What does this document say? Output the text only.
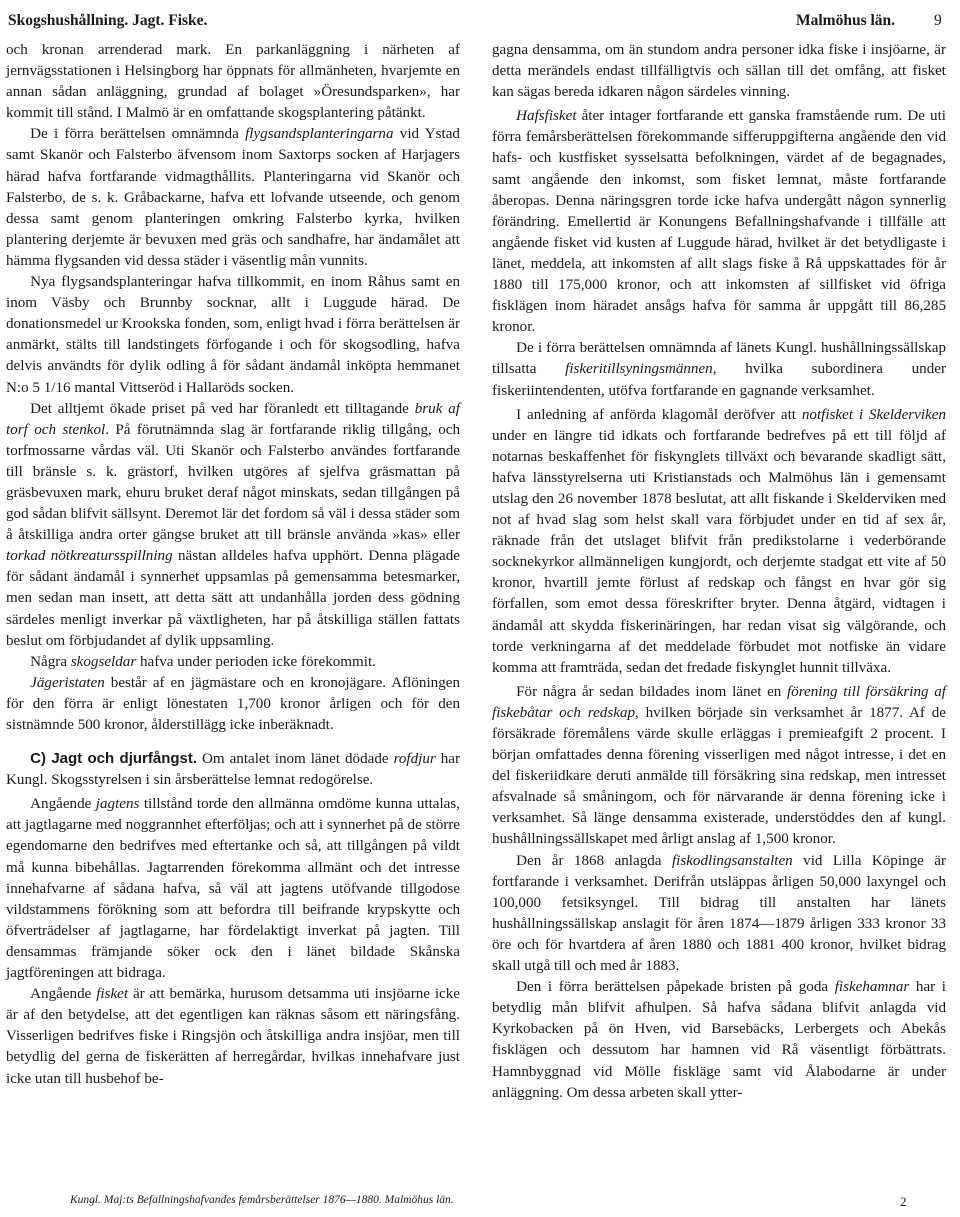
Skogshushållning. Jagt. Fiske.	Malmöhus län.	9

och kronan arrenderad mark. En parkanläggning i närheten af jernvägsstationen i Helsingborg har öppnats för allmänheten, hvarjemte en annan sådan anläggning, grundad af bolaget »Öresundsparken», har kommit till stånd. I Malmö är en omfattande skogsplantering påtänkt.

De i förra berättelsen omnämnda flygsandsplanteringarna vid Ystad samt Skanör och Falsterbo äfvensom inom Saxtorps socken af Harjagers härad hafva fortfarande vidmagthållits. Planteringarna vid Skanör och Falsterbo, de s. k. Gråbackarne, hafva ett lofvande utseende, och genom dessa samt genom planteringen omkring Falsterbo kyrka, hvilken plantering derjemte är bevuxen med gräs och sandhafre, har ändamålet att hämma flygsanden vid dessa städer i väsentlig mån vunnits.

Nya flygsandsplanteringar hafva tillkommit, en inom Råhus samt en inom Väsby och Brunnby socknar, allt i Luggude härad. De donationsmedel ur Krookska fonden, som, enligt hvad i förra berättelsen är anmärkt, stälts till landstingets förfogande i och för skogsodling, hafva delvis användts för dylik odling å för sådant ändamål inköpta hemmanet N:o 5 1/16 mantal Vittseröd i Hallaröds socken.

Det alltjemt ökade priset på ved har föranledt ett tilltagande bruk af torf och stenkol. På förutnämnda slag är fortfarande riklig tillgång, och torfmossarne vårdas väl. Uti Skanör och Falsterbo användes fortfarande till bränsle s. k. grästorf, hvilken utgöres af sjelfva gräsmattan på gräsbevuxen mark, ehuru bruket deraf något minskats, sedan tillgången på god sådan blifvit sällsynt. Deremot lär det fordom så väl i dessa städer som å åtskilliga andra orter gängse bruket att till bränsle använda »kas» eller torkad nötkreatursspillning nästan alldeles hafva upphört. Denna plägade för sådant ändamål i synnerhet uppsamlas på gemensamma betesmarker, men sedan man insett, att detta sätt att undanhålla jorden dess gödning särdeles menligt inverkar på växtligheten, har på åtskilliga ställen fattats beslut om förbjudandet af dylik uppsamling.

Några skogseldar hafva under perioden icke förekommit.

Jägeristaten består af en jägmästare och en kronojägare. Aflöningen för den förra är enligt lönestaten 1,700 kronor årligen och för den sistnämnde 500 kronor, ålderstillägg icke inberäknadt.

C) Jagt och djurfångst. Om antalet inom länet dödade rofdjur har Kungl. Skogsstyrelsen i sin årsberättelse lemnat redogörelse.

Angående jagtens tillstånd torde den allmänna omdöme kunna uttalas, att jagtlagarne med noggrannhet efterföljas; och att i synnerhet på de större egendomarne den bedrifves med eftertanke och så, att tillgången på vildt må kunna bibehållas. Jagtarrenden förekomma allmänt och det intresse innehafvarne af sådana hafva, så väl att jagtens utöfvande tillgodose vildstammens förökning som att befordra till beifrande krypskytte och öfverträdelser af jagtlagarne, har fördelaktigt inverkat på jagten. Till densammas främjande söker ock den i länet bildade Skånska jagtföreningen att bidraga.

Angående fisket är att bemärka, hurusom detsamma uti insjöarne icke är af den betydelse, att det egentligen kan räknas såsom ett näringsfång. Visserligen bedrifves fiske i Ringsjön och åtskilliga andra insjöar, men till betydlig del gerna de fiskerätten af herregårdar, hvilkas innehafvare just icke utan till husbehof be-

gagna densamma, om än stundom andra personer idka fiske i insjöarne, är detta merändels endast tillfälligtvis och sällan till det omfång, att fisket kan sägas bereda idkaren någon särdeles vinning.

Hafsfisket åter intager fortfarande ett ganska framstående rum. De uti förra femårsberättelsen förekommande sifferuppgifterna angående den vid hafs- och kustfisket sysselsatta befolkningen, värdet af de begagnades, samt angående den inkomst, som fisket lemnat, måste fortfarande åberopas. Denna näringsgren torde icke hafva undergått någon synnerlig förändring. Emellertid är Konungens Befallningshafvande i tillfälle att angående fisket vid kusten af Luggude härad, hvilket är det betydligaste i länet, meddela, att inkomsten af allt slags fiske å Rå uppskattades för år 1880 till 175,000 kronor, och att inkomsten af sillfisket vid öfriga fisklägen inom häradet ansågs hafva för samma år uppgått till 86,285 kronor.

De i förra berättelsen omnämnda af länets Kungl. hushållningssällskap tillsatta fiskeritillsyningsmännen, hvilka subordinera under fiskeriintendenten, utöfva fortfarande en gagnande verksamhet.

I anledning af anförda klagomål deröfver att notfisket i Skelderviken under en längre tid idkats och fortfarande bedrefves på ett till följd af notarnas beskaffenhet för fiskynglets tillväxt och bevarande skadligt sätt, hafva länsstyrelserna uti Kristianstads och Malmöhus län i gemensamt utslag den 26 november 1878 beslutat, att allt fiskande i Skelderviken med not af hvad slag som helst skall vara förbjudet under en tid af sex år, räknade från det utslaget blifvit från predikstolarne i vederbörande socknekyrkor allmänneligen kungjordt, och derjemte stadgat ett vite af 50 kronor, hvartill jemte förlust af redskap och fångst en hvar gör sig förfallen, som emot dessa föreskrifter bryter. Denna åtgärd, vidtagen i ändamål att skydda fiskerinäringen, har redan visat sig välgörande, och torde verkningarna af det meddelade förbudet mot notfiske än vidare komma att framträda, sedan det fredade fiskynglet hunnit tillväxa.

För några år sedan bildades inom länet en förening till försäkring af fiskebåtar och redskap, hvilken började sin verksamhet år 1877. Af de försäkrade föremålens värde skulle erläggas i premieafgift 2 procent. I början omfattades denna förening visserligen med något intresse, i det en del fiskeriidkare deruti anmälde till försäkring sina redskap, men intresset afsvalnade så småningom, och för närvarande är denna förening icke i verksamhet. Så länge densamma existerade, understöddes den af kungl. hushållningssällskapet med årligt anslag af 1,500 kronor.

Den år 1868 anlagda fiskodlingsanstalten vid Lilla Köpinge är fortfarande i verksamhet. Derifrån utsläppas årligen 50,000 laxyngel och 100,000 fetsiksyngel. Till bidrag till anstalten har länets hushållningssällskap anslagit för åren 1874—1879 årligen 333 kronor 33 öre och för hvartdera af åren 1880 och 1881 400 kronor, hvilket bidrag skall utgå till och med år 1883.

Den i förra berättelsen påpekade bristen på goda fiskehamnar har i betydlig mån blifvit afhulpen. Så hafva sådana blifvit anlagda vid Kyrkobacken på ön Hven, vid Barsebäcks, Lerbergets och Abekås fisklägen och dessutom har hamnen vid Rå väsentligt förbättrats. Hamnbyggnad vid Mölle fiskläge samt vid Ålabodarne är under anläggning. Om dessa arbeten skall ytter-

Kungl. Maj:ts Befallningshafvandes femårsberättelser 1876—1880. Malmöhus län.	2
